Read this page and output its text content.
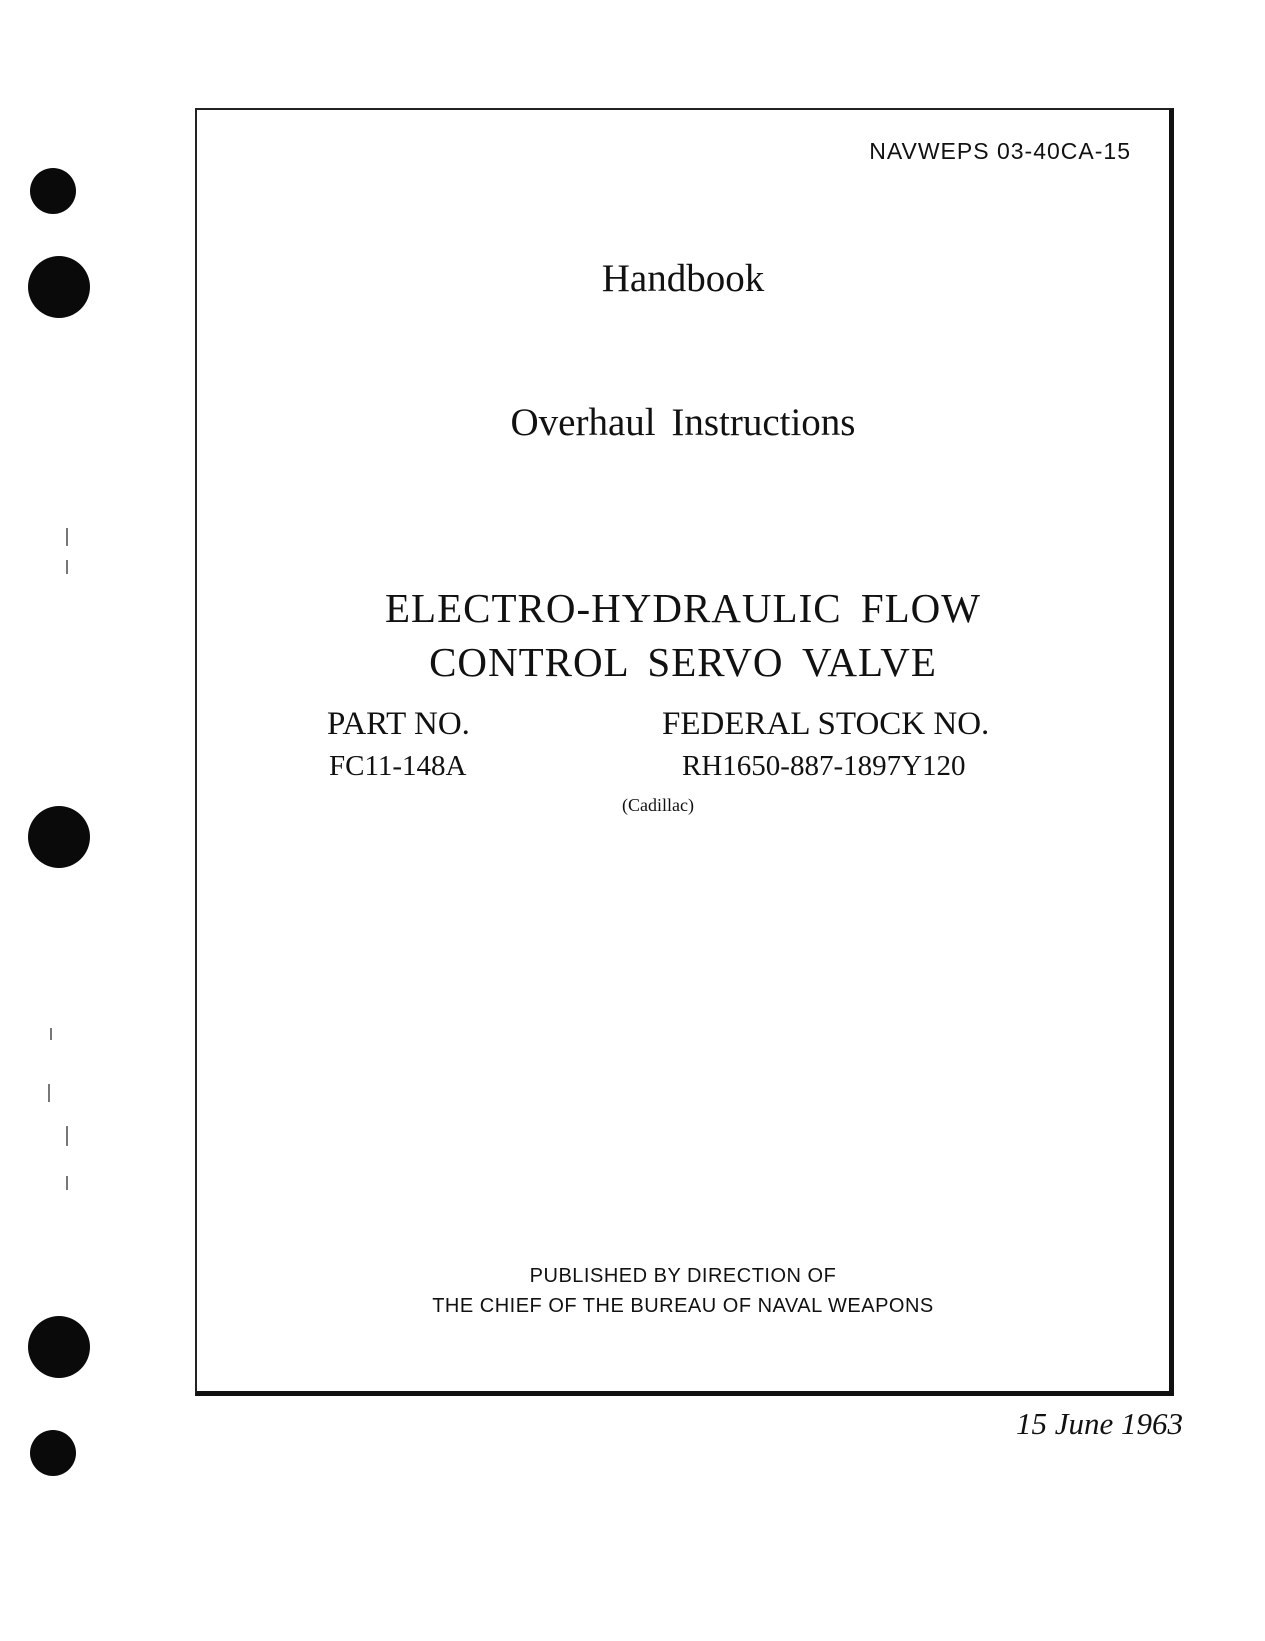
NAVWEPS 03-40CA-15
Handbook
Overhaul Instructions
ELECTRO-HYDRAULIC FLOW
CONTROL SERVO VALVE
PART NO.
FC11-148A
FEDERAL STOCK NO.
RH1650-887-1897Y120
(Cadillac)
PUBLISHED BY DIRECTION OF
THE CHIEF OF THE BUREAU OF NAVAL WEAPONS
15 June 1963
